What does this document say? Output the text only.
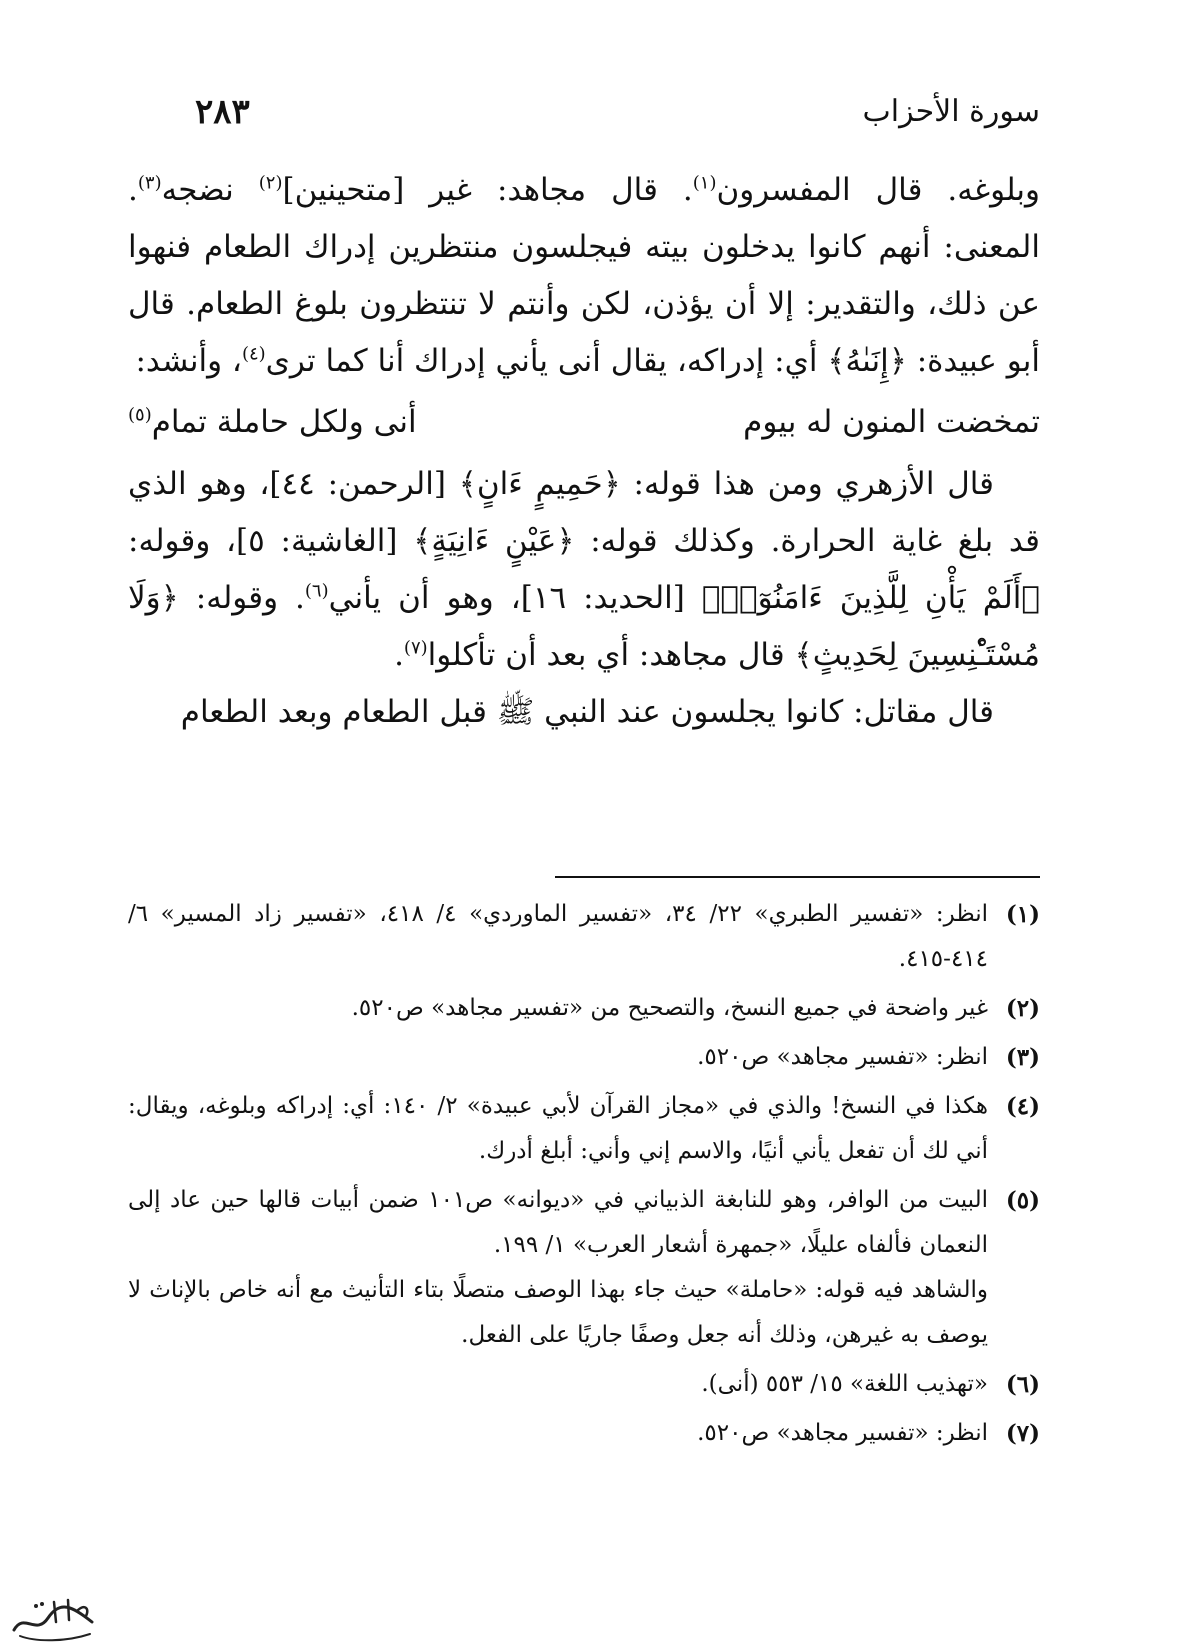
سورة الأحزاب
٢٨٣

وبلوغه. قال المفسرون$^{(١)}$. قال مجاهد: غير [متحينين]$^{(٢)}$ نضجه$^{(٣)}$. المعنى: أنهم كانوا يدخلون بيته فيجلسون منتظرين إدراك الطعام فنهوا عن ذلك، والتقدير: إلا أن يؤذن، لكن وأنتم لا تنتظرون بلوغ الطعام. قال أبو عبيدة: ﴿إِنَىٰهُ﴾ أي: إدراكه، يقال أنى يأني إدراك أنا كما ترى$^{(٤)}$، وأنشد:

تمخضت المنون له بيوم
أنى ولكل حاملة تمام$^{(٥)}$

قال الأزهري ومن هذا قوله: ﴿حَمِيمٍ ءَانٍ﴾ [الرحمن: ٤٤]، وهو الذي قد بلغ غاية الحرارة. وكذلك قوله: ﴿عَيْنٍ ءَانِيَةٍ﴾ [الغاشية: ٥]، وقوله: ﴿أَلَمْ يَأْنِ لِلَّذِينَ ءَامَنُوٓا۟﴾ [الحديد: ١٦]، وهو أن يأني$^{(٦)}$. وقوله: ﴿وَلَا مُسْتَـْٔنِسِينَ لِحَدِيثٍ﴾ قال مجاهد: أي بعد أن تأكلوا$^{(٧)}$.

قال مقاتل: كانوا يجلسون عند النبي ﷺ قبل الطعام وبعد الطعام

(١)
انظر: «تفسير الطبري» ٢٢/ ٣٤، «تفسير الماوردي» ٤/ ٤١٨، «تفسير زاد المسير» ٦/ ٤١٤-٤١٥.
(٢)
غير واضحة في جميع النسخ، والتصحيح من «تفسير مجاهد» ص٥٢٠.
(٣)
انظر: «تفسير مجاهد» ص٥٢٠.
(٤)
هكذا في النسخ! والذي في «مجاز القرآن لأبي عبيدة» ٢/ ١٤٠: أي: إدراكه وبلوغه، ويقال: أني لك أن تفعل يأني أنيًا، والاسم إني وأني: أبلغ أدرك.
(٥)
البيت من الوافر، وهو للنابغة الذبياني في «ديوانه» ص١٠١ ضمن أبيات قالها حين عاد إلى النعمان فألفاه عليلًا، «جمهرة أشعار العرب» ١/ ١٩٩.
والشاهد فيه قوله: «حاملة» حيث جاء بهذا الوصف متصلًا بتاء التأنيث مع أنه خاص بالإناث لا يوصف به غيرهن، وذلك أنه جعل وصفًا جاريًا على الفعل.
(٦)
«تهذيب اللغة» ١٥/ ٥٥٣ (أنى).
(٧)
انظر: «تفسير مجاهد» ص٥٢٠.
